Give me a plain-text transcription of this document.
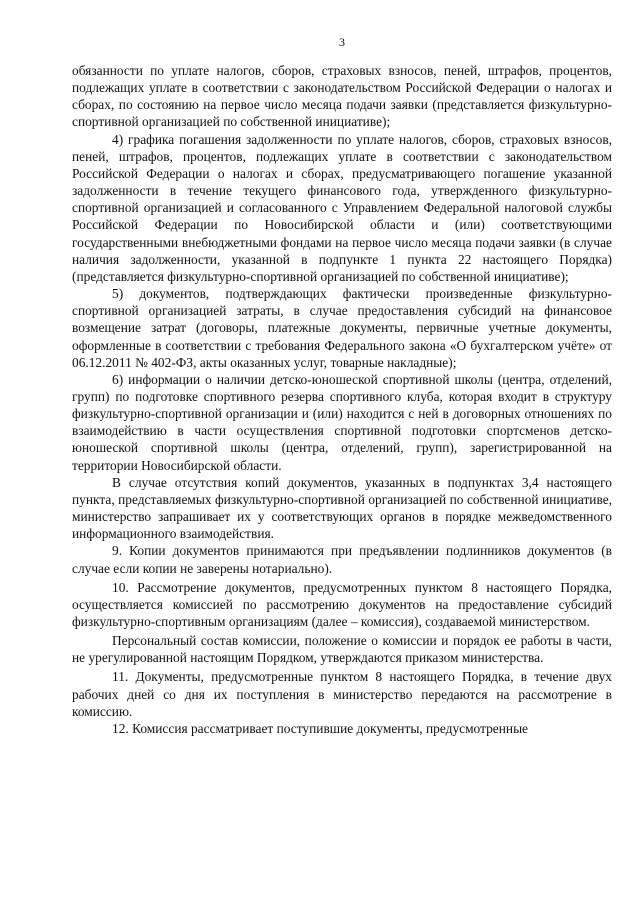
3

обязанности по уплате налогов, сборов, страховых взносов, пеней, штрафов, процентов, подлежащих уплате в соответствии с законодательством Российской Федерации о налогах и сборах, по состоянию на первое число месяца подачи заявки (представляется физкультурно-спортивной организацией по собственной инициативе);

4) графика погашения задолженности по уплате налогов, сборов, страховых взносов, пеней, штрафов, процентов, подлежащих уплате в соответствии с законодательством Российской Федерации о налогах и сборах, предусматривающего погашение указанной задолженности в течение текущего финансового года, утвержденного физкультурно-спортивной организацией и согласованного с Управлением Федеральной налоговой службы Российской Федерации по Новосибирской области и (или) соответствующими государственными внебюджетными фондами на первое число месяца подачи заявки (в случае наличия задолженности, указанной в подпункте 1 пункта 22 настоящего Порядка) (представляется физкультурно-спортивной организацией по собственной инициативе);

5) документов, подтверждающих фактически произведенные физкультурно-спортивной организацией затраты, в случае предоставления субсидий на финансовое возмещение затрат (договоры, платежные документы, первичные учетные документы, оформленные в соответствии с требования Федерального закона «О бухгалтерском учёте» от 06.12.2011 № 402-ФЗ, акты оказанных услуг, товарные накладные);

6) информации о наличии детско-юношеской спортивной школы (центра, отделений, групп) по подготовке спортивного резерва спортивного клуба, которая входит в структуру физкультурно-спортивной организации и (или) находится с ней в договорных отношениях по взаимодействию в части осуществления спортивной подготовки спортсменов детско-юношеской спортивной школы (центра, отделений, групп), зарегистрированной на территории Новосибирской области.

В случае отсутствия копий документов, указанных в подпунктах 3,4 настоящего пункта, представляемых физкультурно-спортивной организацией по собственной инициативе, министерство запрашивает их у соответствующих органов в порядке межведомственного информационного взаимодействия.

9. Копии документов принимаются при предъявлении подлинников документов (в случае если копии не заверены нотариально).

10. Рассмотрение документов, предусмотренных пунктом 8 настоящего Порядка, осуществляется комиссией по рассмотрению документов на предоставление субсидий физкультурно-спортивным организациям (далее – комиссия), создаваемой министерством.

Персональный состав комиссии, положение о комиссии и порядок ее работы в части, не урегулированной настоящим Порядком, утверждаются приказом министерства.

11. Документы, предусмотренные пунктом 8 настоящего Порядка, в течение двух рабочих дней со дня их поступления в министерство передаются на рассмотрение в комиссию.

12. Комиссия рассматривает поступившие документы, предусмотренные
